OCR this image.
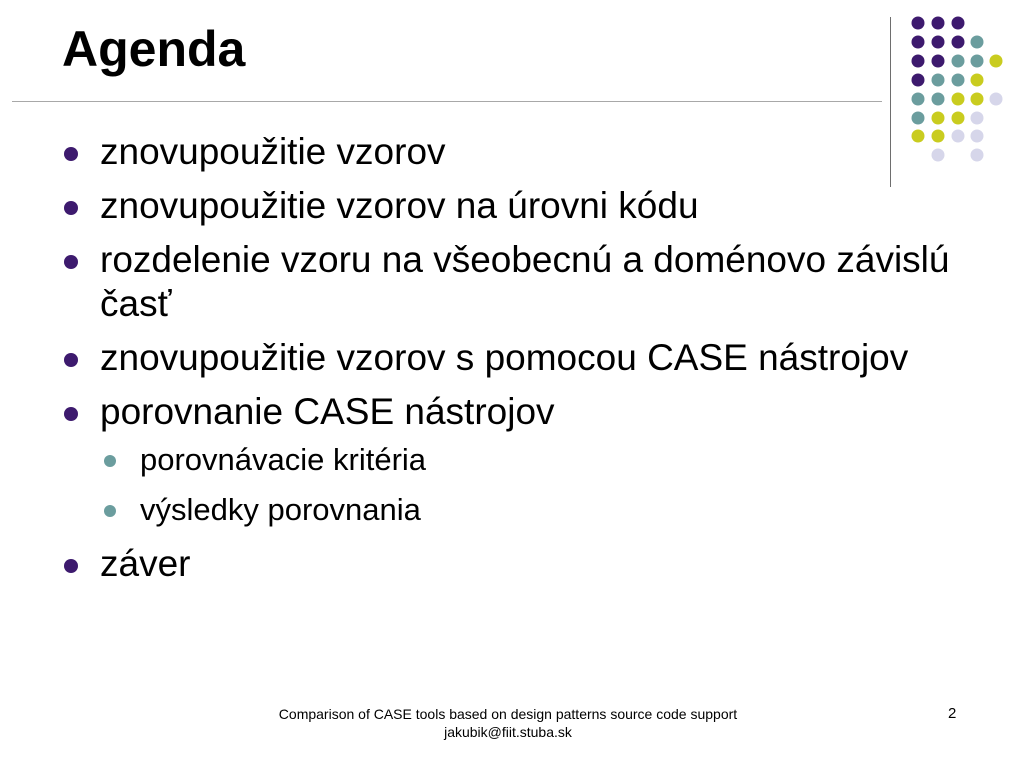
Agenda
znovupoužitie vzorov
znovupoužitie vzorov na úrovni kódu
rozdelenie vzoru na všeobecnú a doménovo závislú časť
znovupoužitie vzorov s pomocou CASE nástrojov
porovnanie CASE nástrojov
porovnávacie kritéria
výsledky porovnania
záver
Comparison of CASE tools based on design patterns source code support
jakubik@fiit.stuba.sk
2
